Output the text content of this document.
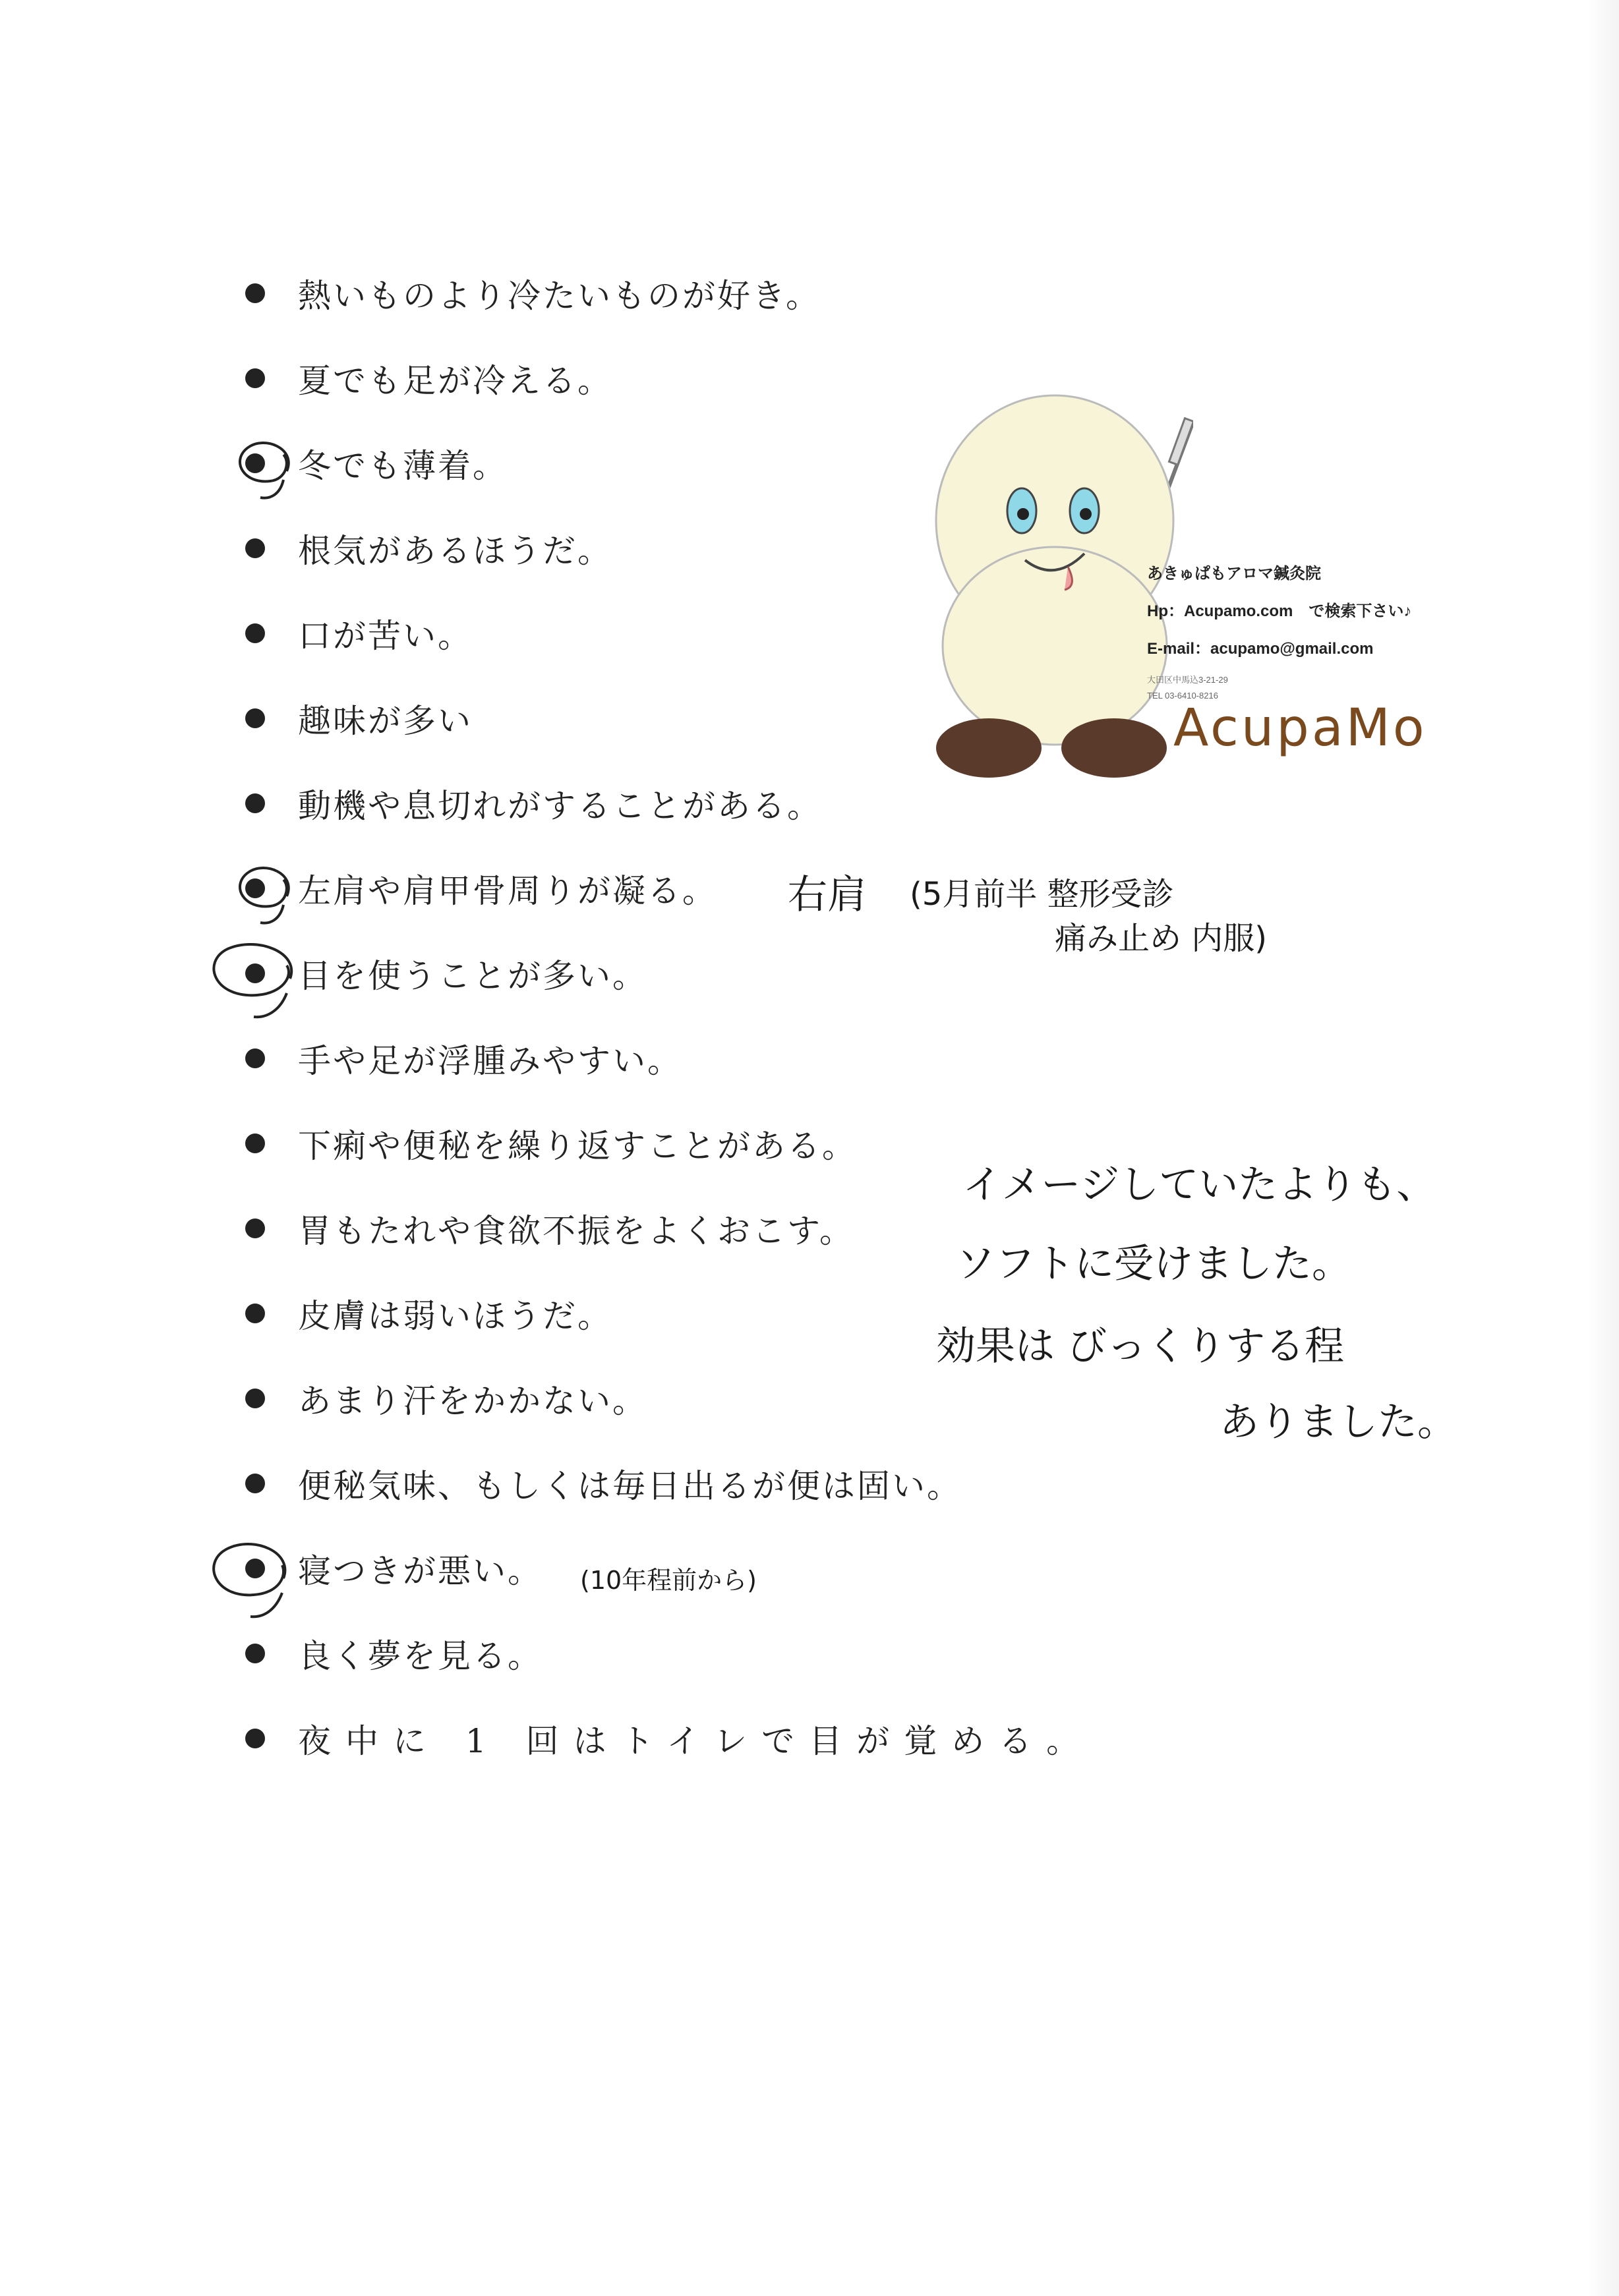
熱いものより冷たいものが好き。
夏でも足が冷える。
冬でも薄着。
根気があるほうだ。
口が苦い。
趣味が多い
動機や息切れがすることがある。
左肩や肩甲骨周りが凝る。
目を使うことが多い。
手や足が浮腫みやすい。
下痢や便秘を繰り返すことがある。
胃もたれや食欲不振をよくおこす。
皮膚は弱いほうだ。
あまり汗をかかない。
便秘気味、もしくは毎日出るが便は固い。
寝つきが悪い。
良く夢を見る。
夜中に 1 回はトイレで目が覚める。
右肩 (5月前半 整形受診
痛み止め 内服)
(10年程前から)
イメージしていたよりも、
ソフトに受けました。
効果は びっくりする程
ありました。
あきゅぱもアロマ鍼灸院
Hp：Acupamo.com　で検索下さい♪
E-mail：acupamo@gmail.com
大田区中馬込3-21-29
TEL 03-6410-8216
AcupaMo
